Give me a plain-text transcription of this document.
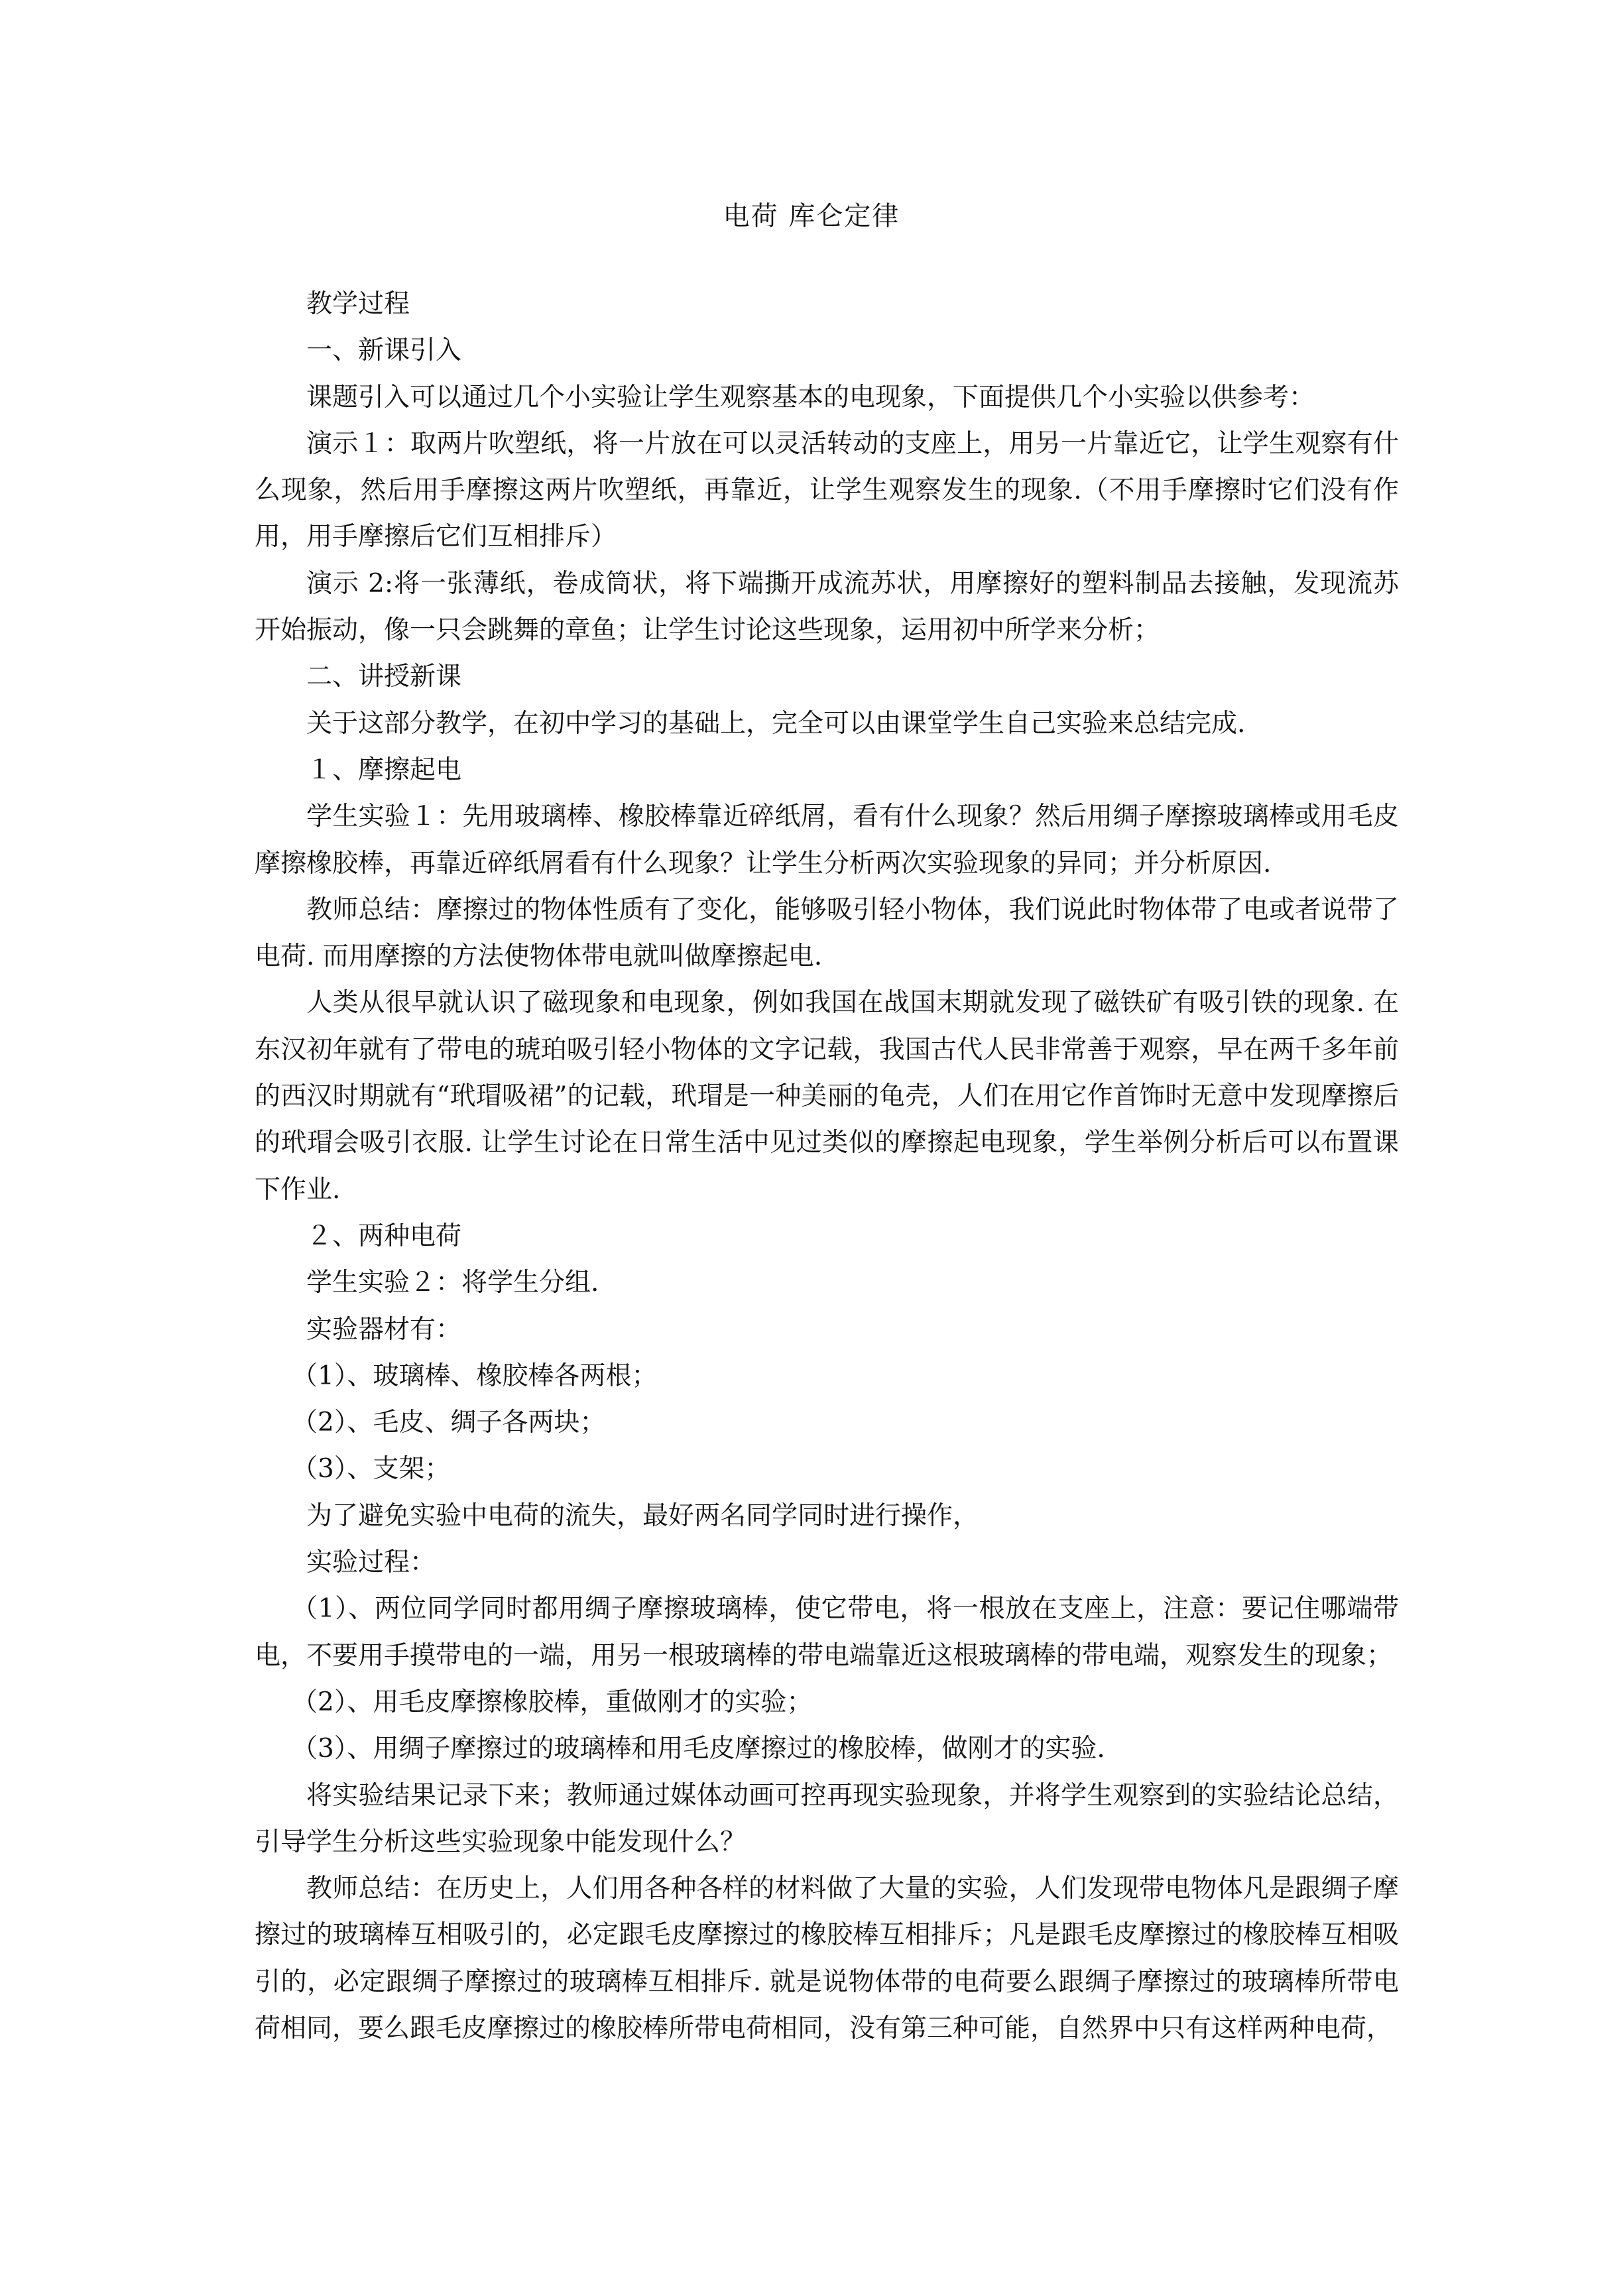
电荷 库仑定律

教学过程

一、新课引入

课题引入可以通过几个小实验让学生观察基本的电现象，下面提供几个小实验以供参考：

演示１：取两片吹塑纸，将一片放在可以灵活转动的支座上，用另一片靠近它，让学生观察有什么现象，然后用手摩擦这两片吹塑纸，再靠近，让学生观察发生的现象.（不用手摩擦时它们没有作用，用手摩擦后它们互相排斥）

演示 2:将一张薄纸，卷成筒状，将下端撕开成流苏状，用摩擦好的塑料制品去接触，发现流苏开始振动，像一只会跳舞的章鱼；让学生讨论这些现象，运用初中所学来分析；

二、讲授新课

关于这部分教学，在初中学习的基础上，完全可以由课堂学生自己实验来总结完成.

１、摩擦起电

学生实验１：先用玻璃棒、橡胶棒靠近碎纸屑，看有什么现象？然后用绸子摩擦玻璃棒或用毛皮摩擦橡胶棒，再靠近碎纸屑看有什么现象？让学生分析两次实验现象的异同；并分析原因.

教师总结：摩擦过的物体性质有了变化，能够吸引轻小物体，我们说此时物体带了电或者说带了电荷. 而用摩擦的方法使物体带电就叫做摩擦起电.

人类从很早就认识了磁现象和电现象，例如我国在战国末期就发现了磁铁矿有吸引铁的现象. 在东汉初年就有了带电的琥珀吸引轻小物体的文字记载，我国古代人民非常善于观察，早在两千多年前的西汉时期就有“玳瑁吸裙”的记载，玳瑁是一种美丽的龟壳，人们在用它作首饰时无意中发现摩擦后的玳瑁会吸引衣服. 让学生讨论在日常生活中见过类似的摩擦起电现象，学生举例分析后可以布置课下作业.

２、两种电荷

学生实验２：将学生分组.

实验器材有：

（1）、玻璃棒、橡胶棒各两根；

（2）、毛皮、绸子各两块；

（3）、支架；

为了避免实验中电荷的流失，最好两名同学同时进行操作，

实验过程：

（1）、两位同学同时都用绸子摩擦玻璃棒，使它带电，将一根放在支座上，注意：要记住哪端带电，不要用手摸带电的一端，用另一根玻璃棒的带电端靠近这根玻璃棒的带电端，观察发生的现象；

（2）、用毛皮摩擦橡胶棒，重做刚才的实验；

（3）、用绸子摩擦过的玻璃棒和用毛皮摩擦过的橡胶棒，做刚才的实验.

将实验结果记录下来；教师通过媒体动画可控再现实验现象，并将学生观察到的实验结论总结，引导学生分析这些实验现象中能发现什么？

教师总结：在历史上，人们用各种各样的材料做了大量的实验，人们发现带电物体凡是跟绸子摩擦过的玻璃棒互相吸引的，必定跟毛皮摩擦过的橡胶棒互相排斥；凡是跟毛皮摩擦过的橡胶棒互相吸引的，必定跟绸子摩擦过的玻璃棒互相排斥. 就是说物体带的电荷要么跟绸子摩擦过的玻璃棒所带电荷相同，要么跟毛皮摩擦过的橡胶棒所带电荷相同，没有第三种可能，自然界中只有这样两种电荷，
